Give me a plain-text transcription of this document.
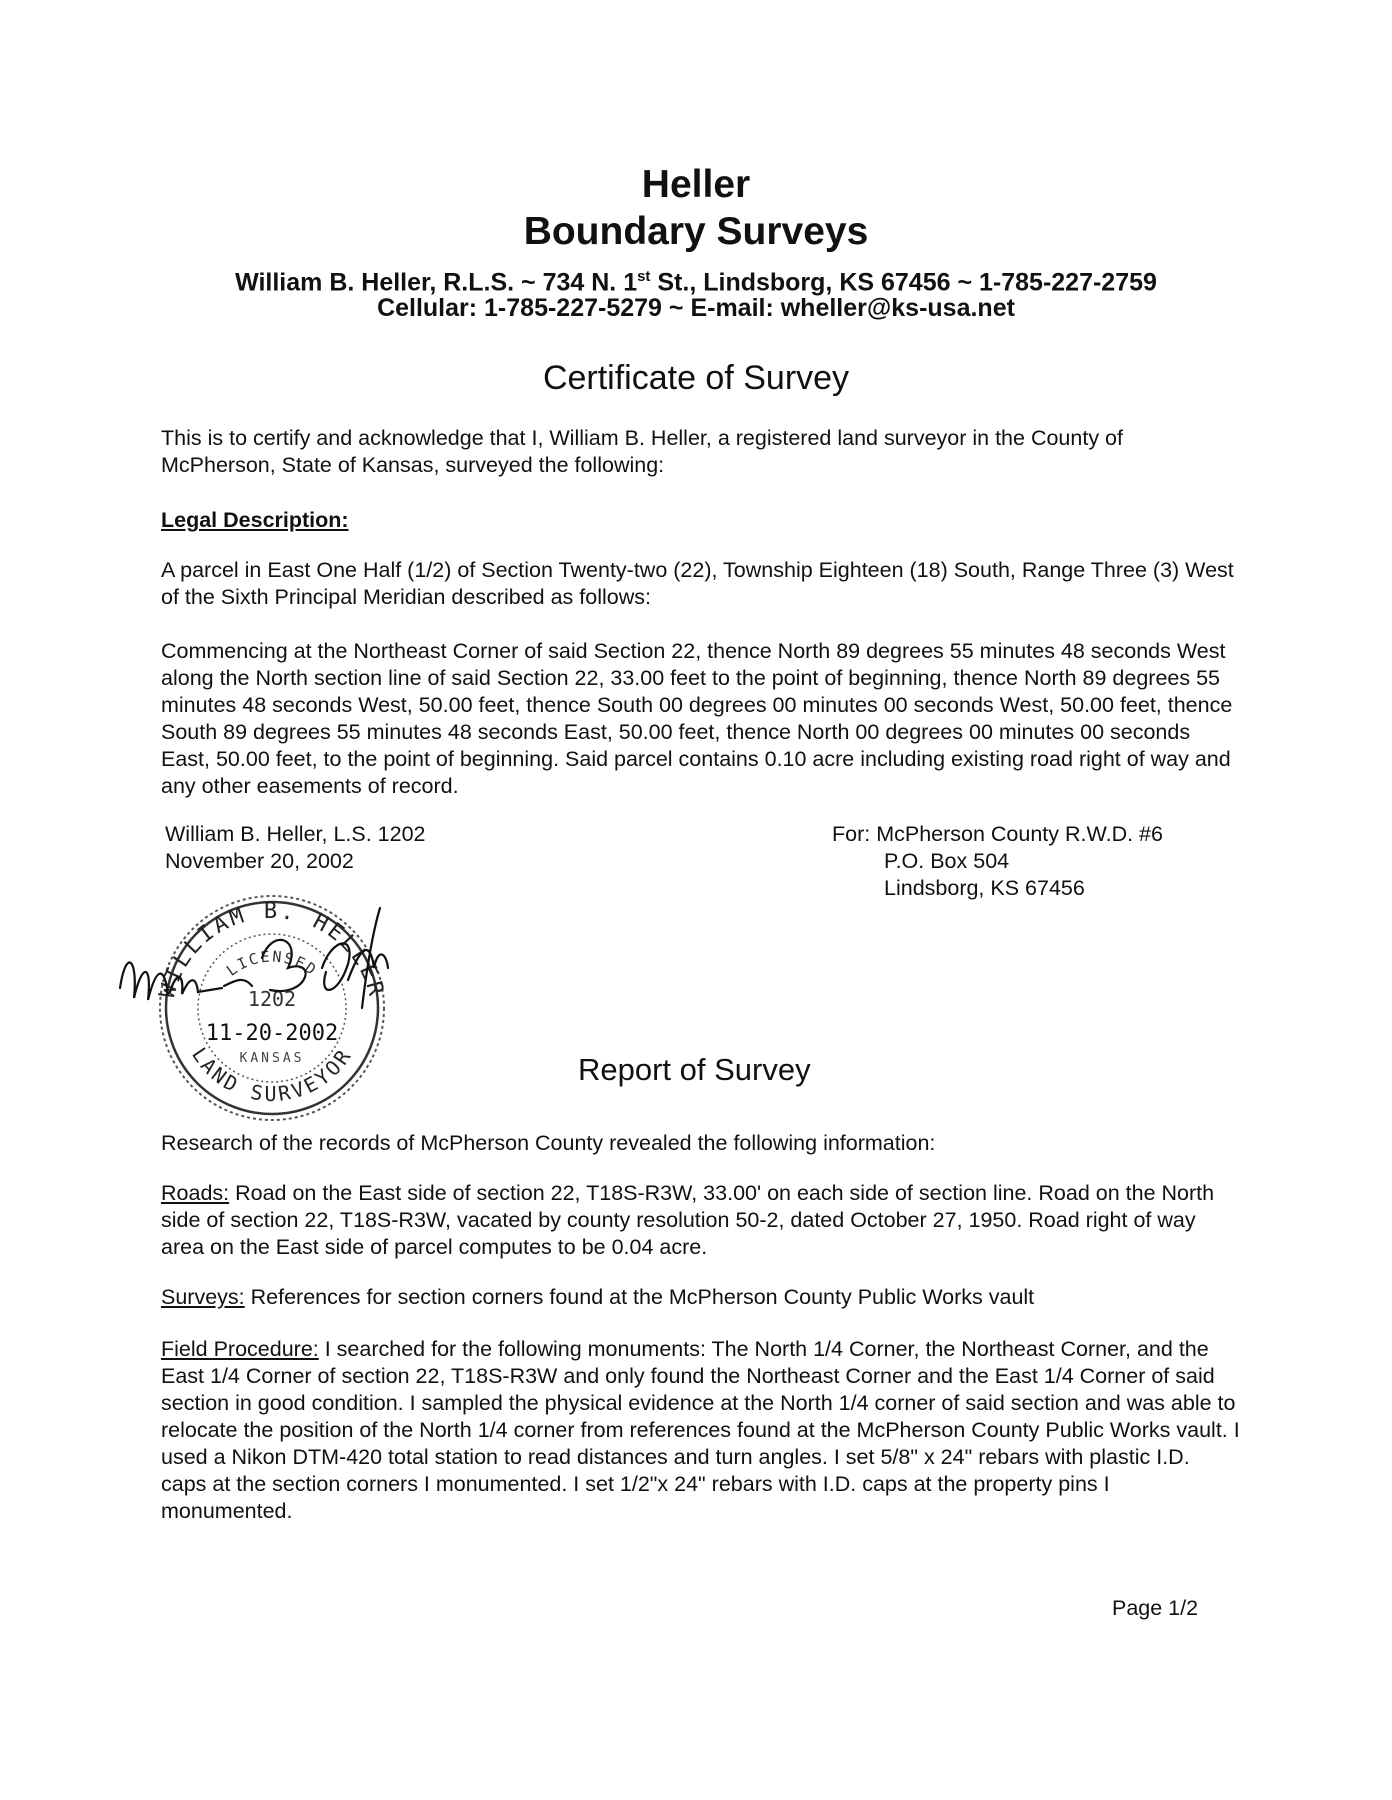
Heller
Boundary Surveys
William B. Heller, R.L.S. ~ 734 N. 1st St., Lindsborg, KS 67456 ~ 1-785-227-2759
Cellular: 1-785-227-5279 ~ E-mail: wheller@ks-usa.net
Certificate of Survey
This is to certify and acknowledge that I, William B. Heller, a registered land surveyor in the County of McPherson, State of Kansas, surveyed the following:
Legal Description:
A parcel in East One Half (1/2) of Section Twenty-two (22), Township Eighteen (18) South, Range Three (3) West of the Sixth Principal Meridian described as follows:
Commencing at the Northeast Corner of said Section 22, thence North 89 degrees 55 minutes 48 seconds West along the North section line of said Section 22, 33.00 feet to the point of beginning, thence North 89 degrees 55 minutes 48 seconds West, 50.00 feet, thence South 00 degrees 00 minutes 00 seconds West, 50.00 feet, thence South 89 degrees 55 minutes 48 seconds East, 50.00 feet, thence North 00 degrees 00 minutes 00 seconds East, 50.00 feet, to the point of beginning. Said parcel contains 0.10 acre including existing road right of way and any other easements of record.
William B. Heller, L.S. 1202
November 20, 2002
For: McPherson County R.W.D. #6
P.O. Box 504
Lindsborg, KS 67456
WILLIAM B. HELLER
LICENSED
LAND SURVEYOR
1202
11-20-2002
KANSAS
William B. Heller
Report of Survey
Research of the records of McPherson County revealed the following information:
Roads: Road on the East side of section 22, T18S-R3W, 33.00' on each side of section line. Road on the North side of section 22, T18S-R3W, vacated by county resolution 50-2, dated October 27, 1950. Road right of way area on the East side of parcel computes to be 0.04 acre.
Surveys: References for section corners found at the McPherson County Public Works vault
Field Procedure: I searched for the following monuments: The North 1/4 Corner, the Northeast Corner, and the East 1/4 Corner of section 22, T18S-R3W and only found the Northeast Corner and the East 1/4 Corner of said section in good condition. I sampled the physical evidence at the North 1/4 corner of said section and was able to relocate the position of the North 1/4 corner from references found at the McPherson County Public Works vault. I used a Nikon DTM-420 total station to read distances and turn angles. I set 5/8" x 24" rebars with plastic I.D. caps at the section corners I monumented. I set 1/2"x 24" rebars with I.D. caps at the property pins I monumented.
Page 1/2
